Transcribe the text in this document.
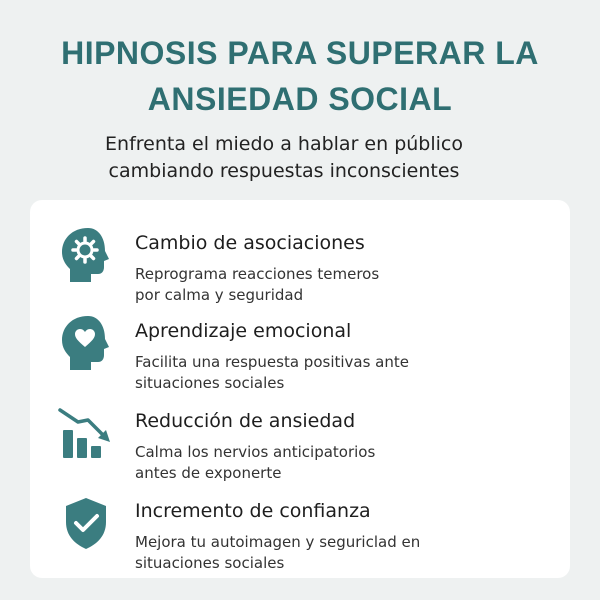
HIPNOSIS PARA SUPERAR LA
ANSIEDAD SOCIAL
Enfrenta el miedo a hablar en público
cambiando respuestas inconscientes
Cambio de asociaciones
Reprograma reacciones temeros
por calma y seguridad
Aprendizaje emocional
Facilita una respuesta positivas ante
situaciones sociales
Reducción de ansiedad
Calma los nervios anticipatorios
antes de exponerte
Incremento de confianza
Mejora tu autoimagen y seguriclad en
situaciones sociales
